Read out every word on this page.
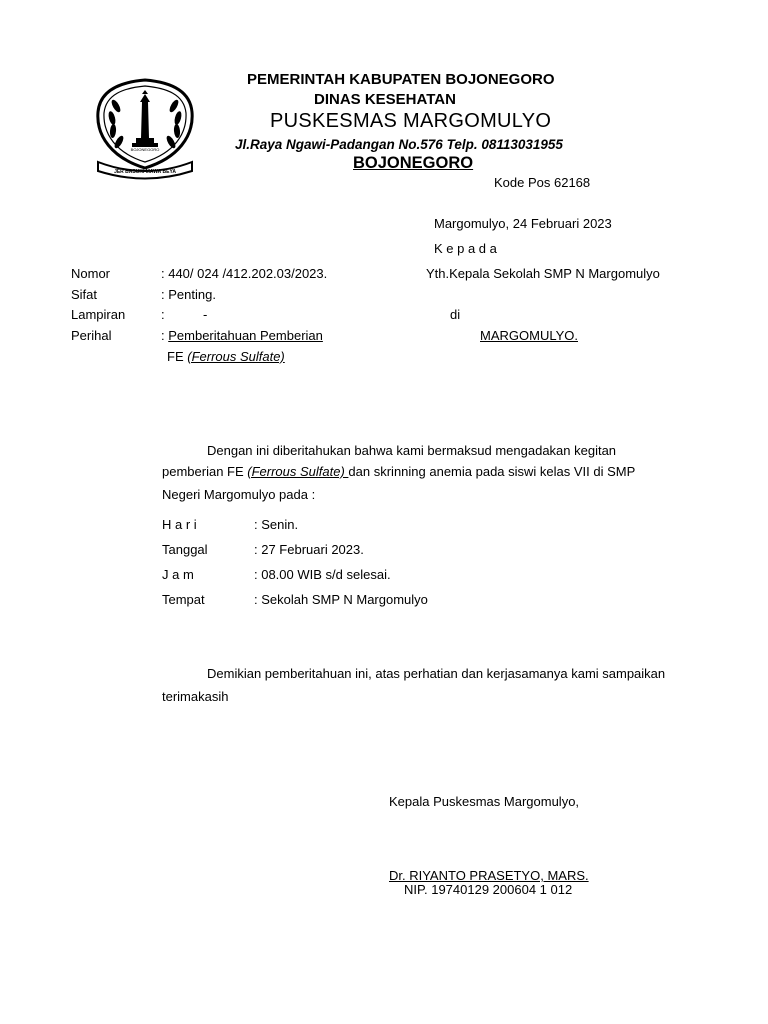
JER BASUKI MAWA BEYA
BOJONEGORO
PEMERINTAH KABUPATEN BOJONEGORO
DINAS KESEHATAN
PUSKESMAS MARGOMULYO
Jl.Raya Ngawi-Padangan No.576 Telp. 08113031955
BOJONEGORO
Kode Pos 62168
Margomulyo, 24 Februari 2023
K e p a d a
Yth.Kepala Sekolah SMP N Margomulyo
di
MARGOMULYO.
Nomor	: 440/ 024 /412.202.03/2023.
Sifat	: Penting.
Lampiran	:	-
Perihal	: Pemberitahuan Pemberian
FE (Ferrous Sulfate)
Dengan ini diberitahukan bahwa kami bermaksud mengadakan kegitan
pemberian FE (Ferrous Sulfate) dan skrinning anemia pada siswi kelas VII di SMP
Negeri Margomulyo pada :
H a r i	: Senin.
Tanggal	: 27 Februari 2023.
J a m	: 08.00 WIB s/d selesai.
Tempat	: Sekolah SMP N Margomulyo
Demikian pemberitahuan ini, atas perhatian dan kerjasamanya kami sampaikan
terimakasih
Kepala Puskesmas Margomulyo,
Dr. RIYANTO PRASETYO, MARS.
NIP. 19740129 200604 1 012
